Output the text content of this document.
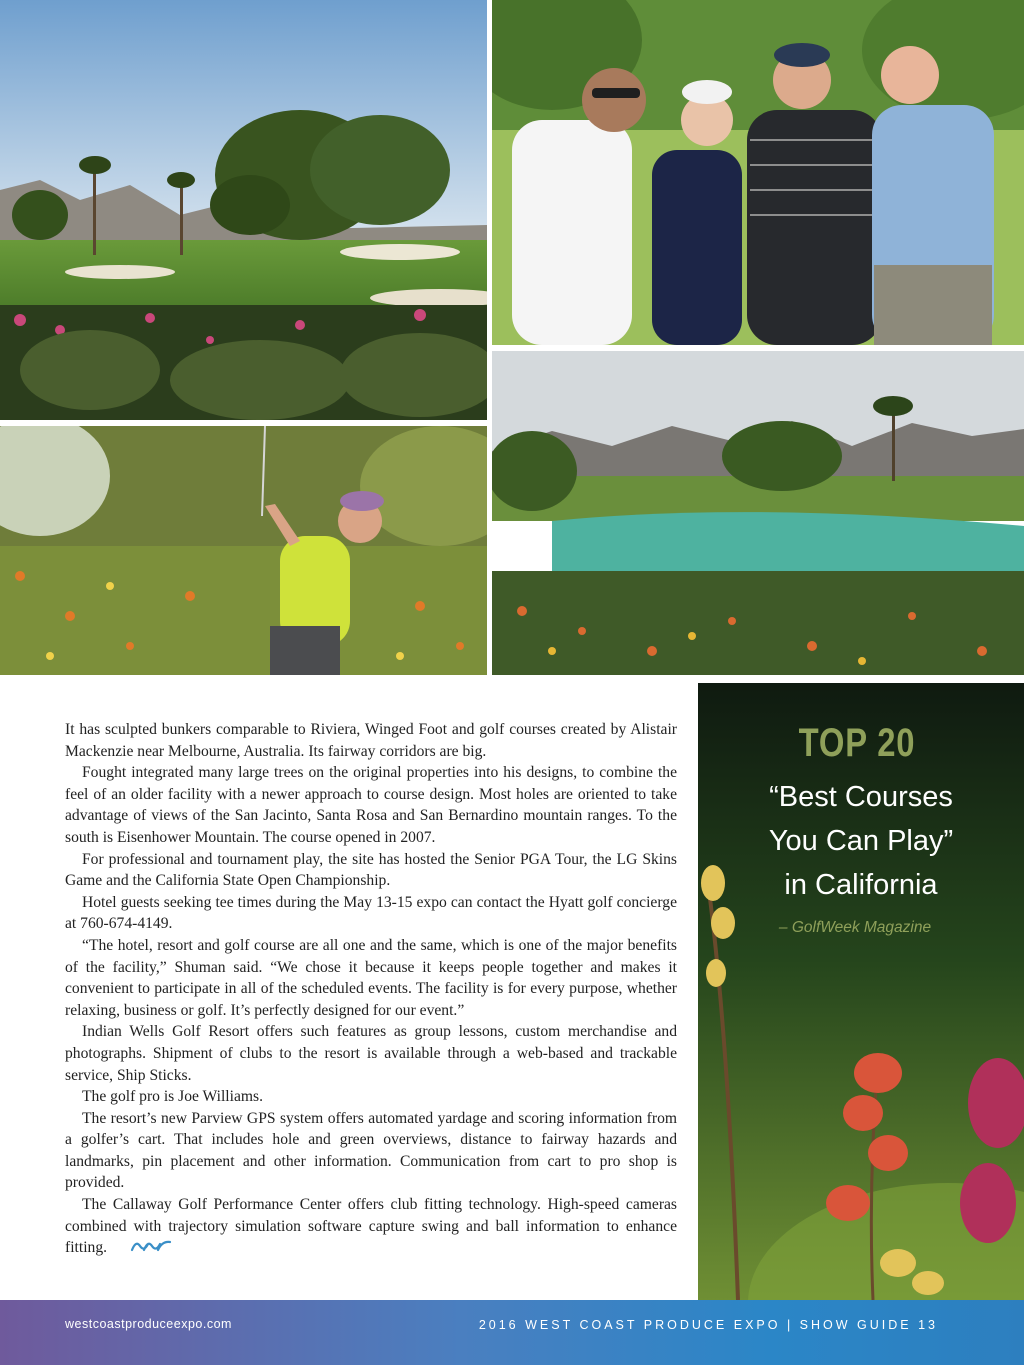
It has sculpted bunkers comparable to Riviera, Winged Foot and golf courses created by Alistair Mackenzie near Melbourne, Australia. Its fairway corridors are big.

Fought integrated many large trees on the original properties into his designs, to combine the feel of an older facility with a newer approach to course design. Most holes are oriented to take advantage of views of the San Jacinto, Santa Rosa and San Bernardino mountain ranges. To the south is Eisenhower Mountain. The course opened in 2007.

For professional and tournament play, the site has hosted the Senior PGA Tour, the LG Skins Game and the California State Open Championship.

Hotel guests seeking tee times during the May 13-15 expo can contact the Hyatt golf concierge at 760-674-4149.

“The hotel, resort and golf course are all one and the same, which is one of the major benefits of the facility,” Shuman said. “We chose it because it keeps people together and makes it convenient to participate in all of the scheduled events. The facility is for every purpose, whether relaxing, business or golf. It’s perfectly designed for our event.”

Indian Wells Golf Resort offers such features as group lessons, custom merchandise and photographs. Shipment of clubs to the resort is available through a web-based and trackable service, Ship Sticks.

The golf pro is Joe Williams.

The resort’s new Parview GPS system offers automated yardage and scoring information from a golfer’s cart. That includes hole and green overviews, distance to fairway hazards and landmarks, pin placement and other information. Communication from cart to pro shop is provided.

The Callaway Golf Performance Center offers club fitting technology. High-speed cameras combined with trajectory simulation software capture swing and ball information to enhance fitting.

TOP 20
“Best Courses
You Can Play”
in California
– GolfWeek Magazine
westcoastproduceexpo.com	2016 WEST COAST PRODUCE EXPO | SHOW GUIDE 13
